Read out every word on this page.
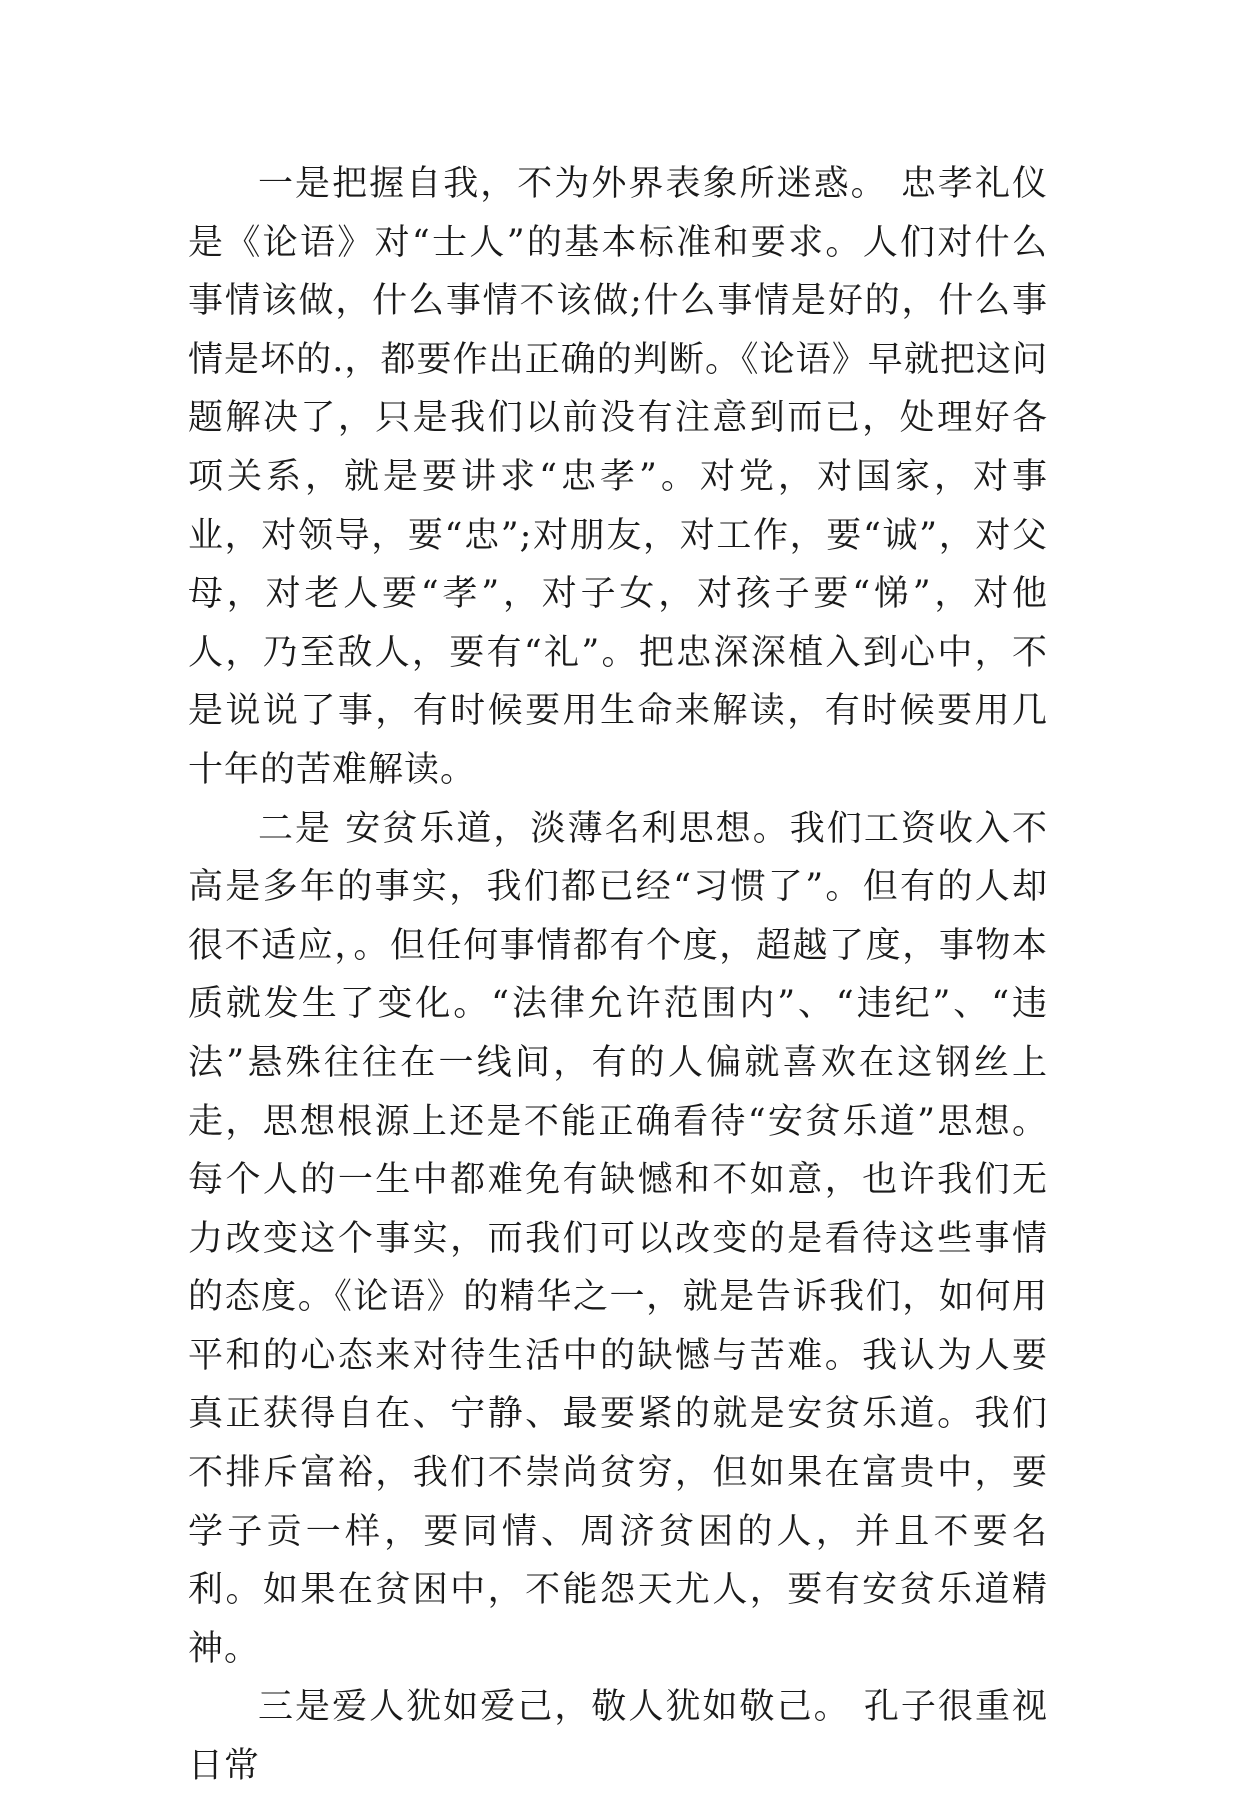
一是把握自我，不为外界表象所迷惑。 忠孝礼仪是《论语》对“士人”的基本标准和要求。人们对什么事情该做，什么事情不该做;什么事情是好的，什么事情是坏的.，都要作出正确的判断。《论语》早就把这问题解决了，只是我们以前没有注意到而已，处理好各项关系，就是要讲求“忠孝”。对党，对国家，对事业，对领导，要“忠”;对朋友，对工作，要“诚”，对父母，对老人要“孝”，对子女，对孩子要“悌”，对他人，乃至敌人，要有“礼”。把忠深深植入到心中，不是说说了事，有时候要用生命来解读，有时候要用几十年的苦难解读。

二是 安贫乐道，淡薄名利思想。我们工资收入不高是多年的事实，我们都已经“习惯了”。但有的人却很不适应，。但任何事情都有个度，超越了度，事物本质就发生了变化。“法律允许范围内”、“违纪”、“违法”悬殊往往在一线间，有的人偏就喜欢在这钢丝上走，思想根源上还是不能正确看待“安贫乐道”思想。每个人的一生中都难免有缺憾和不如意，也许我们无力改变这个事实，而我们可以改变的是看待这些事情的态度。《论语》的精华之一，就是告诉我们，如何用平和的心态来对待生活中的缺憾与苦难。我认为人要真正获得自在、宁静、最要紧的就是安贫乐道。我们不排斥富裕，我们不崇尚贫穷，但如果在富贵中，要学子贡一样，要同情、周济贫困的人，并且不要名利。如果在贫困中，不能怨天尤人，要有安贫乐道精神。

三是爱人犹如爱己，敬人犹如敬己。 孔子很重视日常
